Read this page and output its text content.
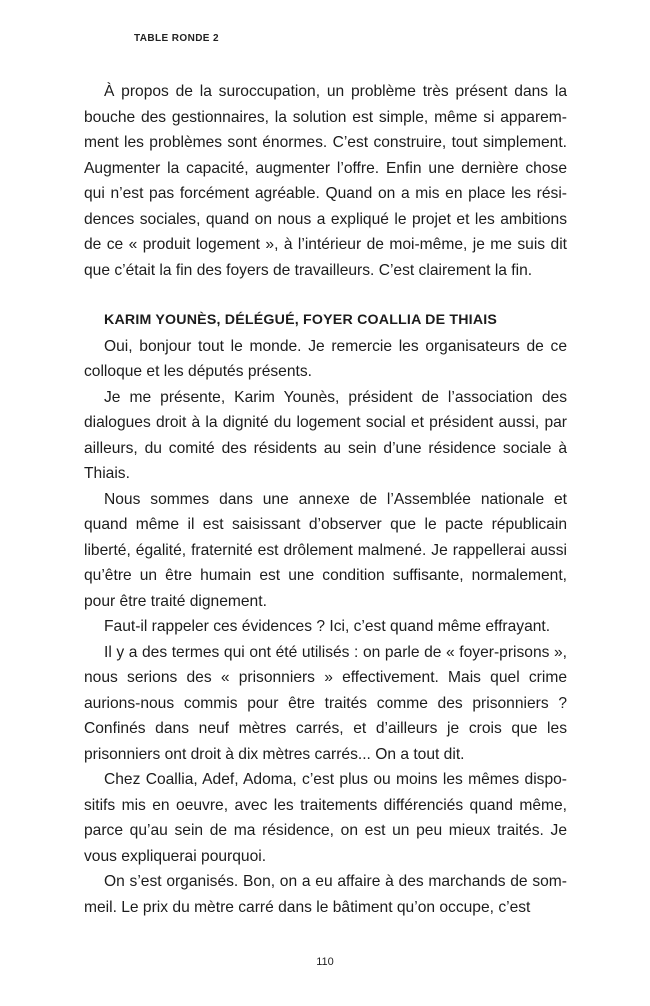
TABLE RONDE 2

À propos de la suroccupation, un problème très présent dans la bouche des gestionnaires, la solution est simple, même si apparemment les problèmes sont énormes. C’est construire, tout simplement. Augmenter la capacité, augmenter l’offre. Enfin une dernière chose qui n’est pas forcément agréable. Quand on a mis en place les résidences sociales, quand on nous a expliqué le projet et les ambitions de ce « produit logement », à l’intérieur de moi-même, je me suis dit que c’était la fin des foyers de travailleurs. C’est clairement la fin.

KARIM YOUNÈS, DÉLÉGUÉ, FOYER COALLIA DE THIAIS

Oui, bonjour tout le monde. Je remercie les organisateurs de ce colloque et les députés présents.

Je me présente, Karim Younès, président de l’association des dialogues droit à la dignité du logement social et président aussi, par ailleurs, du comité des résidents au sein d’une résidence sociale à Thiais.

Nous sommes dans une annexe de l’Assemblée nationale et quand même il est saisissant d’observer que le pacte républicain liberté, égalité, fraternité est drôlement malmené. Je rappellerai aussi qu’être un être humain est une condition suffisante, normalement, pour être traité dignement.

Faut-il rappeler ces évidences ? Ici, c’est quand même effrayant.

Il y a des termes qui ont été utilisés : on parle de « foyer-prisons », nous serions des « prisonniers » effectivement. Mais quel crime aurions-nous commis pour être traités comme des prisonniers ? Confinés dans neuf mètres carrés, et d’ailleurs je crois que les prisonniers ont droit à dix mètres carrés... On a tout dit.

Chez Coallia, Adef, Adoma, c’est plus ou moins les mêmes dispositifs mis en oeuvre, avec les traitements différenciés quand même, parce qu’au sein de ma résidence, on est un peu mieux traités. Je vous expliquerai pourquoi.

On s’est organisés. Bon, on a eu affaire à des marchands de sommeil. Le prix du mètre carré dans le bâtiment qu’on occupe, c’est

110
